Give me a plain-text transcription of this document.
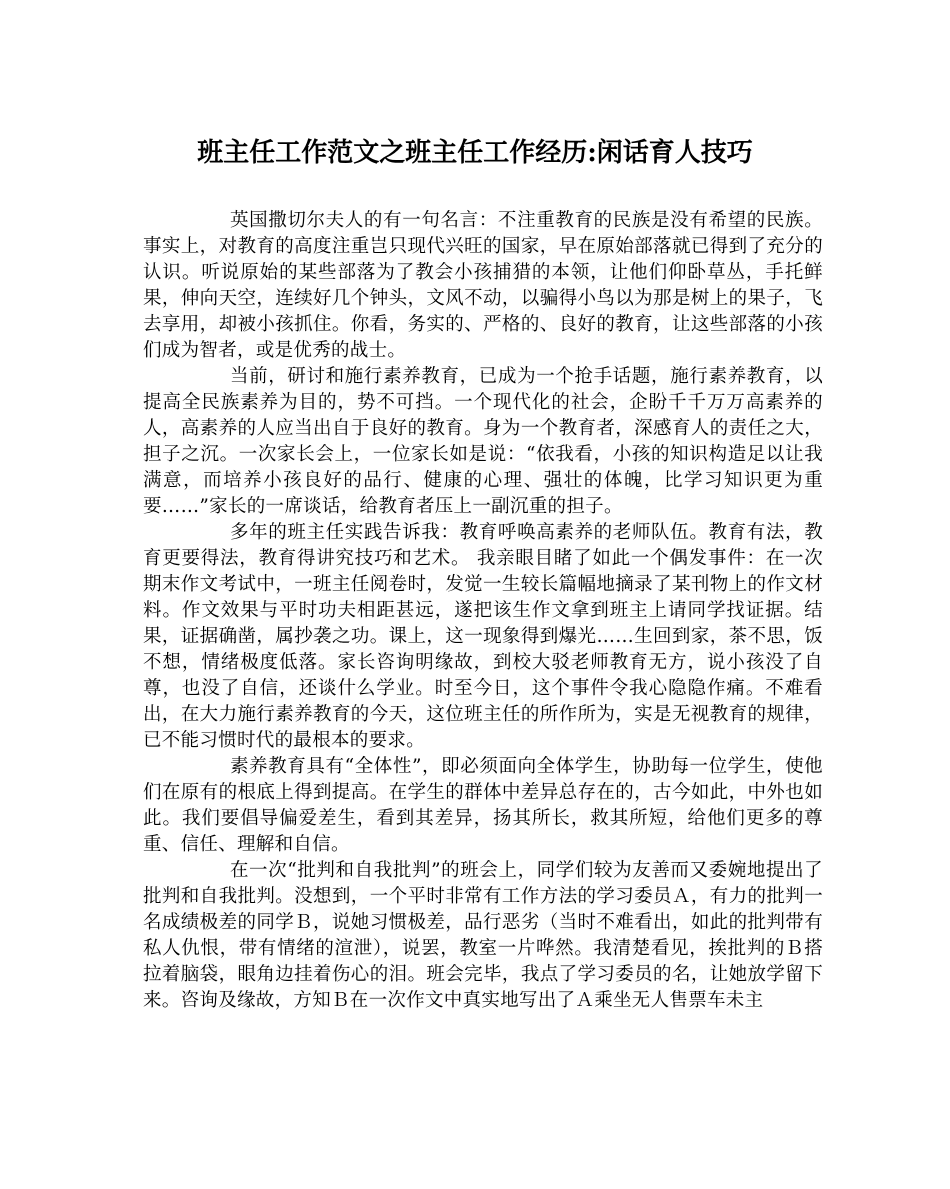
班主任工作范文之班主任工作经历:闲话育人技巧

英国撒切尔夫人的有一句名言：不注重教育的民族是没有希望的民族。事实上，对教育的高度注重岂只现代兴旺的国家，早在原始部落就已得到了充分的认识。听说原始的某些部落为了教会小孩捕猎的本领，让他们仰卧草丛，手托鲜果，伸向天空，连续好几个钟头，文风不动，以骗得小鸟以为那是树上的果子，飞去享用，却被小孩抓住。你看，务实的、严格的、良好的教育，让这些部落的小孩们成为智者，或是优秀的战士。

当前，研讨和施行素养教育，已成为一个抢手话题，施行素养教育，以提高全民族素养为目的，势不可挡。一个现代化的社会，企盼千千万万高素养的人，高素养的人应当出自于良好的教育。身为一个教育者，深感育人的责任之大，担子之沉。一次家长会上，一位家长如是说：“依我看，小孩的知识构造足以让我满意，而培养小孩良好的品行、健康的心理、强壮的体魄，比学习知识更为重要……”家长的一席谈话，给教育者压上一副沉重的担子。

多年的班主任实践告诉我：教育呼唤高素养的老师队伍。教育有法，教育更要得法，教育得讲究技巧和艺术。 我亲眼目睹了如此一个偶发事件：在一次期末作文考试中，一班主任阅卷时，发觉一生较长篇幅地摘录了某刊物上的作文材料。作文效果与平时功夫相距甚远，遂把该生作文拿到班主上请同学找证据。结果，证据确凿，属抄袭之功。课上，这一现象得到爆光……生回到家，茶不思，饭不想，情绪极度低落。家长咨询明缘故，到校大驳老师教育无方，说小孩没了自尊，也没了自信，还谈什么学业。时至今日，这个事件令我心隐隐作痛。不难看出，在大力施行素养教育的今天，这位班主任的所作所为，实是无视教育的规律，已不能习惯时代的最根本的要求。

素养教育具有“全体性”，即必须面向全体学生，协助每一位学生，使他们在原有的根底上得到提高。在学生的群体中差异总存在的，古今如此，中外也如此。我们要倡导偏爱差生，看到其差异，扬其所长，救其所短，给他们更多的尊重、信任、理解和自信。

在一次“批判和自我批判”的班会上，同学们较为友善而又委婉地提出了批判和自我批判。没想到，一个平时非常有工作方法的学习委员Ａ，有力的批判一名成绩极差的同学Ｂ，说她习惯极差，品行恶劣（当时不难看出，如此的批判带有私人仇恨，带有情绪的渲泄），说罢，教室一片哗然。我清楚看见，挨批判的Ｂ搭拉着脑袋，眼角边挂着伤心的泪。班会完毕，我点了学习委员的名，让她放学留下来。咨询及缘故，方知Ｂ在一次作文中真实地写出了Ａ乘坐无人售票车未主
